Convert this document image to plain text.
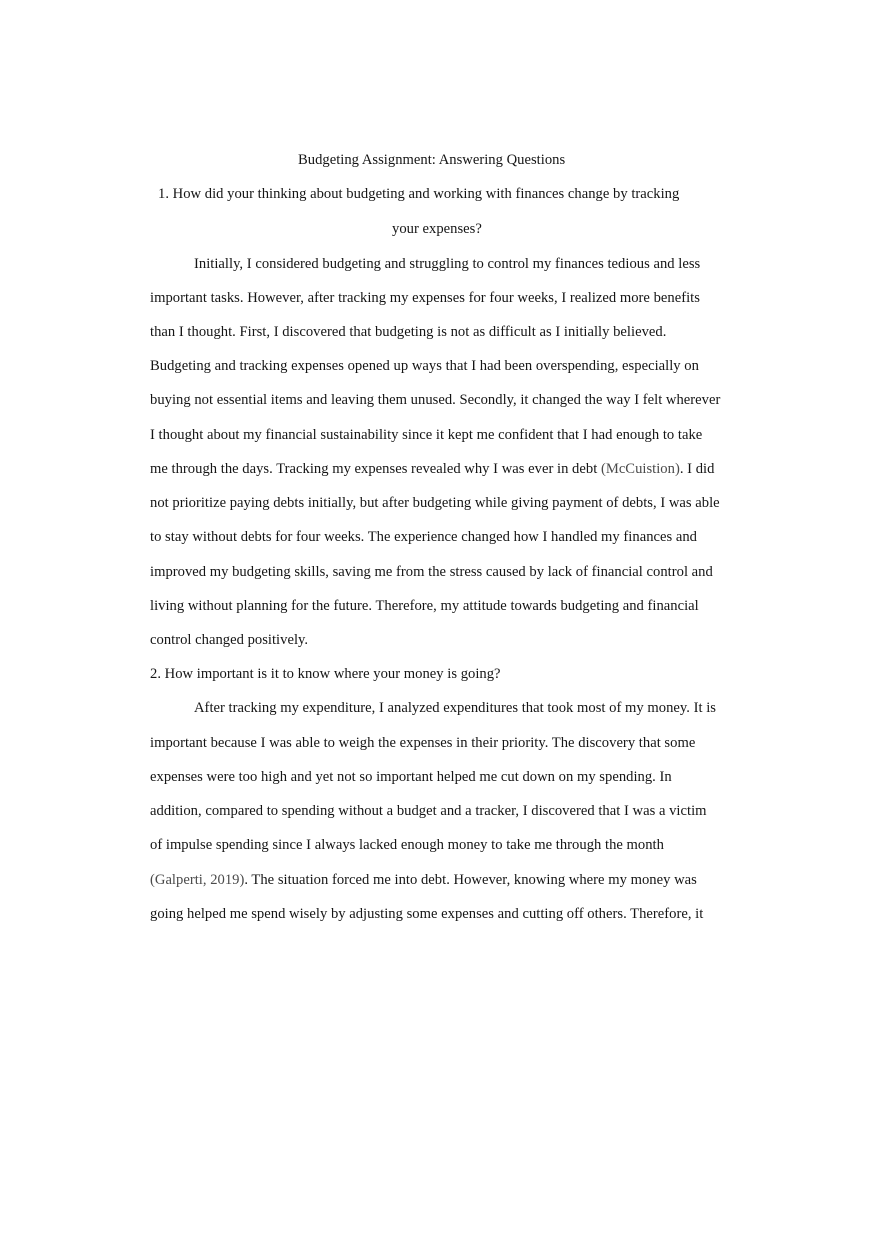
Budgeting Assignment: Answering Questions
1. How did your thinking about budgeting and working with finances change by tracking
your expenses?
Initially, I considered budgeting and struggling to control my finances tedious and less
important tasks. However, after tracking my expenses for four weeks, I realized more benefits
than I thought. First, I discovered that budgeting is not as difficult as I initially believed.
Budgeting and tracking expenses opened up ways that I had been overspending, especially on
buying not essential items and leaving them unused. Secondly, it changed the way I felt wherever
I thought about my financial sustainability since it kept me confident that I had enough to take
me through the days. Tracking my expenses revealed why I was ever in debt (McCuistion). I did
not prioritize paying debts initially, but after budgeting while giving payment of debts, I was able
to stay without debts for four weeks. The experience changed how I handled my finances and
improved my budgeting skills, saving me from the stress caused by lack of financial control and
living without planning for the future. Therefore, my attitude towards budgeting and financial
control changed positively.
2. How important is it to know where your money is going?
After tracking my expenditure, I analyzed expenditures that took most of my money. It is
important because I was able to weigh the expenses in their priority. The discovery that some
expenses were too high and yet not so important helped me cut down on my spending. In
addition, compared to spending without a budget and a tracker, I discovered that I was a victim
of impulse spending since I always lacked enough money to take me through the month
(Galperti, 2019). The situation forced me into debt. However, knowing where my money was
going helped me spend wisely by adjusting some expenses and cutting off others. Therefore, it
